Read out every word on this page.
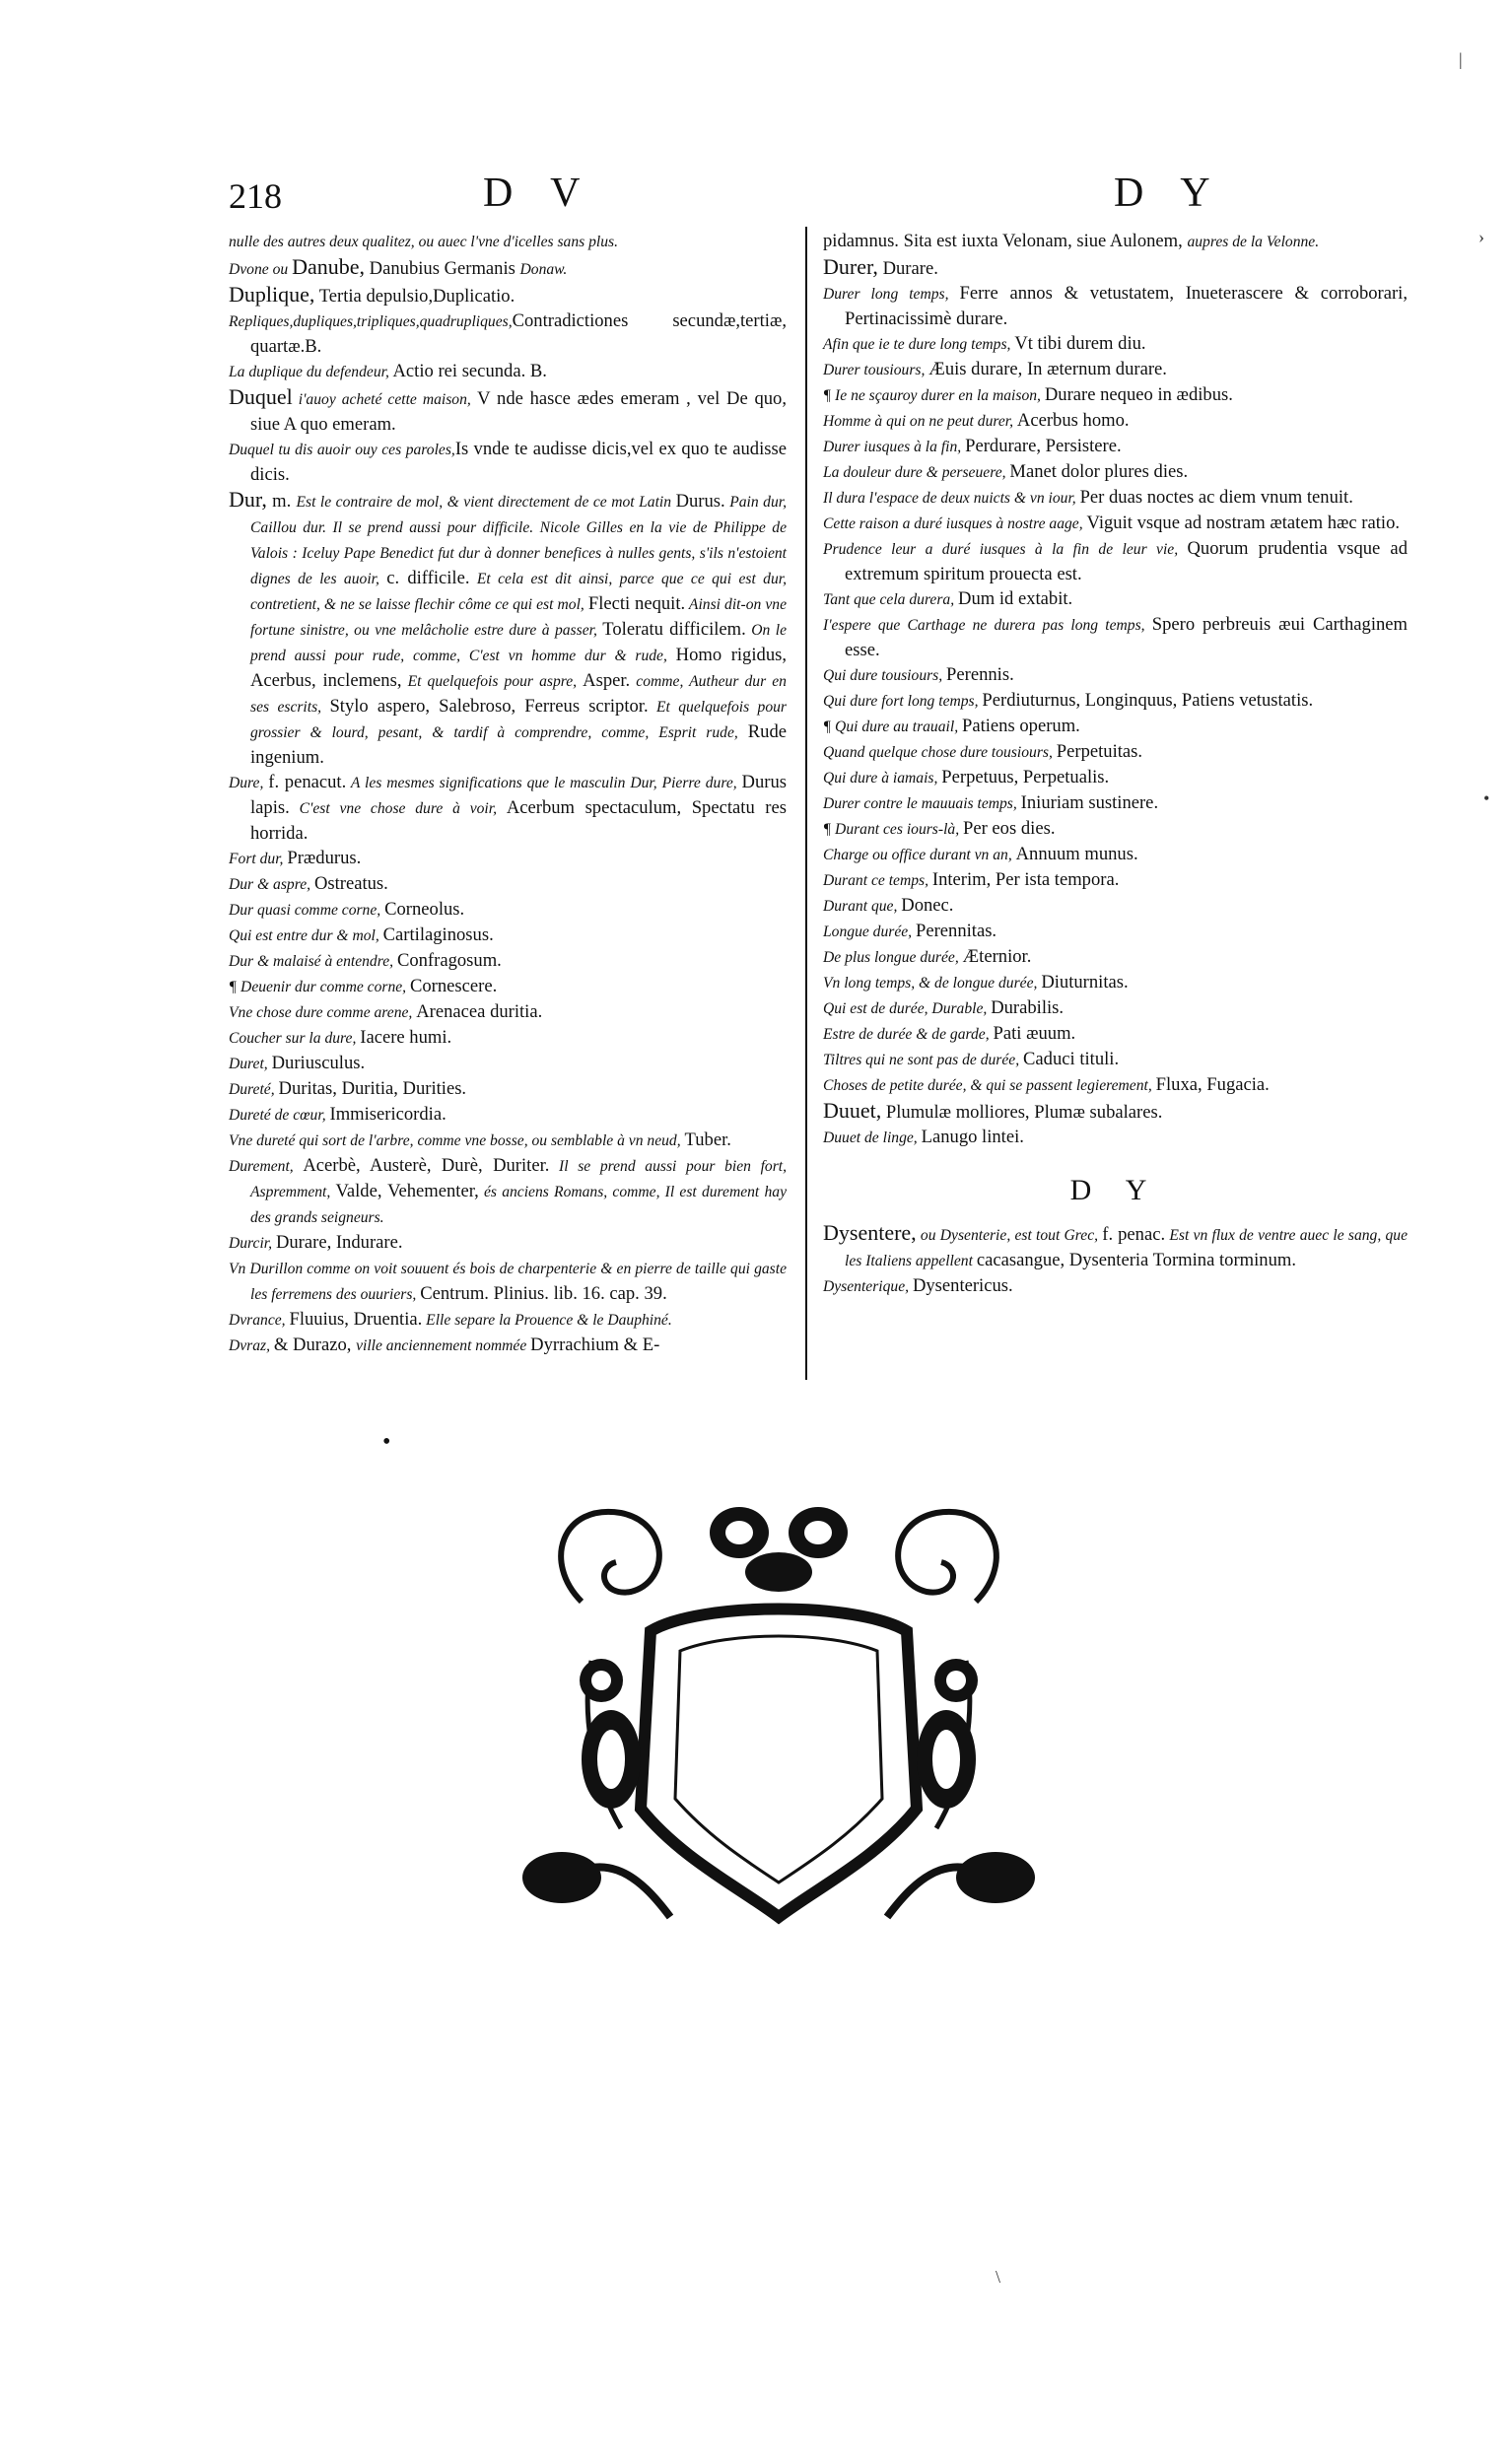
218	D V	D Y

nulle des autres deux qualitez, ou auec l'vne d'icelles sans plus.

Dvone ou Danube, Danubius Germanis Donaw.

Duplique, Tertia depulsio,Duplicatio.

Repliques,dupliques,tripliques,quadrupliques,Contradictiones secundæ,tertiæ, quartæ.B.

La duplique du defendeur, Actio rei secunda. B.

Duquel i'auoy acheté cette maison, V nde hasce ædes emeram , vel De quo, siue A quo emeram.

Duquel tu dis auoir ouy ces paroles,Is vnde te audisse dicis,vel ex quo te audisse dicis.

Dur, m. Est le contraire de mol, & vient directement de ce mot Latin Durus. Pain dur, Caillou dur. Il se prend aussi pour difficile. Nicole Gilles en la vie de Philippe de Valois : Iceluy Pape Benedict fut dur à donner benefices à nulles gents, s'ils n'estoient dignes de les auoir, c. difficile. Et cela est dit ainsi, parce que ce qui est dur, contretient, & ne se laisse flechir côme ce qui est mol, Flecti nequit. Ainsi dit-on vne fortune sinistre, ou vne melâcholie estre dure à passer, Toleratu difficilem. On le prend aussi pour rude, comme, C'est vn homme dur & rude, Homo rigidus, Acerbus, inclemens, Et quelquefois pour aspre, Asper. comme, Autheur dur en ses escrits, Stylo aspero, Salebroso, Ferreus scriptor. Et quelquefois pour grossier & lourd, pesant, & tardif à comprendre, comme, Esprit rude, Rude ingenium.

Dure, f. penacut. A les mesmes significations que le masculin Dur, Pierre dure, Durus lapis. C'est vne chose dure à voir, Acerbum spectaculum, Spectatu res horrida.

Fort dur, Prædurus.

Dur & aspre, Ostreatus.

Dur quasi comme corne, Corneolus.

Qui est entre dur & mol, Cartilaginosus.

Dur & malaisé à entendre, Confragosum.

¶ Deuenir dur comme corne, Cornescere.

Vne chose dure comme arene, Arenacea duritia.

Coucher sur la dure, Iacere humi.

Duret, Duriusculus.

Dureté, Duritas, Duritia, Durities.

Dureté de cœur, Immisericordia.

Vne dureté qui sort de l'arbre, comme vne bosse, ou semblable à vn neud, Tuber.

Durement, Acerbè, Austerè, Durè, Duriter. Il se prend aussi pour bien fort, Aspremment, Valde, Vehementer, és anciens Romans, comme, Il est durement hay des grands seigneurs.

Durcir, Durare, Indurare.

Vn Durillon comme on voit souuent és bois de charpenterie & en pierre de taille qui gaste les ferremens des ouuriers, Centrum. Plinius. lib. 16. cap. 39.

Dvrance, Fluuius, Druentia. Elle separe la Prouence & le Dauphiné.

Dvraz, & Durazo, ville anciennement nommée Dyrrachium & E-

pidamnus. Sita est iuxta Velonam, siue Aulonem, aupres de la Velonne.

Durer, Durare.

Durer long temps, Ferre annos & vetustatem, Inueterascere & corroborari, Pertinacissimè durare.

Afin que ie te dure long temps, Vt tibi durem diu.

Durer tousiours, Æuis durare, In æternum durare.

¶ Ie ne sçauroy durer en la maison, Durare nequeo in ædibus.

Homme à qui on ne peut durer, Acerbus homo.

Durer iusques à la fin, Perdurare, Persistere.

La douleur dure & perseuere, Manet dolor plures dies.

Il dura l'espace de deux nuicts & vn iour, Per duas noctes ac diem vnum tenuit.

Cette raison a duré iusques à nostre aage, Viguit vsque ad nostram ætatem hæc ratio.

Prudence leur a duré iusques à la fin de leur vie, Quorum prudentia vsque ad extremum spiritum prouecta est.

Tant que cela durera, Dum id extabit.

I'espere que Carthage ne durera pas long temps, Spero perbreuis æui Carthaginem esse.

Qui dure tousiours, Perennis.

Qui dure fort long temps, Perdiuturnus, Longinquus, Patiens vetustatis.

¶ Qui dure au trauail, Patiens operum.

Quand quelque chose dure tousiours, Perpetuitas.

Qui dure à iamais, Perpetuus, Perpetualis.

Durer contre le mauuais temps, Iniuriam sustinere.

¶ Durant ces iours-là, Per eos dies.

Charge ou office durant vn an, Annuum munus.

Durant ce temps, Interim, Per ista tempora.

Durant que, Donec.

Longue durée, Perennitas.

De plus longue durée, Æternior.

Vn long temps, & de longue durée, Diuturnitas.

Qui est de durée, Durable, Durabilis.

Estre de durée & de garde, Pati æuum.

Tiltres qui ne sont pas de durée, Caduci tituli.

Choses de petite durée, & qui se passent legierement, Fluxa, Fugacia.

Duuet, Plumulæ molliores, Plumæ subalares.

Duuet de linge, Lanugo lintei.

D Y

Dysentere, ou Dysenterie, est tout Grec, f. penac. Est vn flux de ventre auec le sang, que les Italiens appellent cacasangue, Dysenteria Tormina torminum.

Dysenterique, Dysentericus.

•
|
›
•
\
